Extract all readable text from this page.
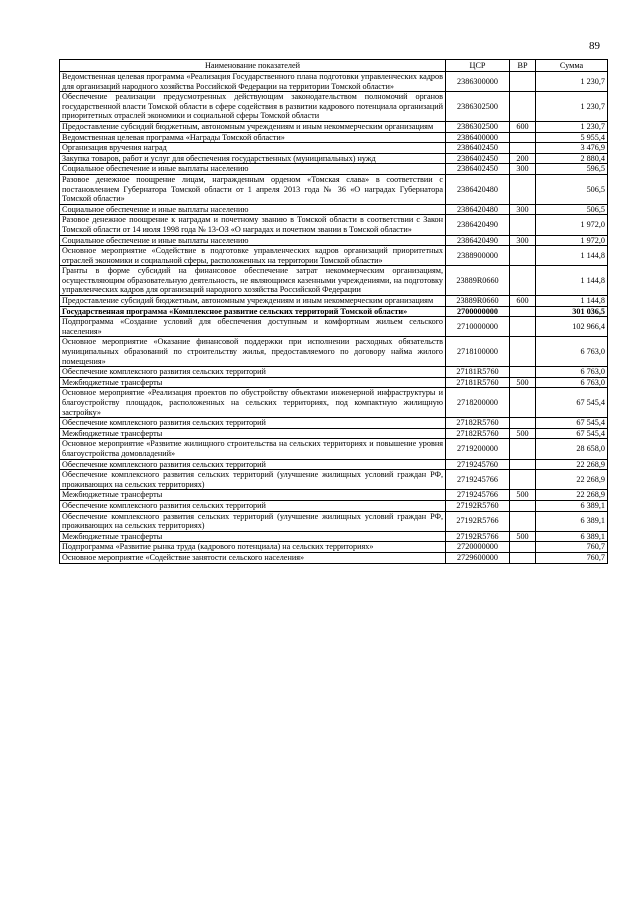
89
Наименование показателей	ЦСР	ВР	Сумма
Ведомственная целевая программа «Реализация Государственного плана подготовки управленческих кадров для организаций народного хозяйства Российской Федерации на территории Томской области»	2386300000		1 230,7
Обеспечение реализации предусмотренных действующим законодательством полномочий органов государственной власти Томской области в сфере содействия в развитии кадрового потенциала организаций приоритетных отраслей экономики и социальной сферы Томской области	2386302500		1 230,7
Предоставление субсидий бюджетным, автономным учреждениям и иным некоммерческим организациям	2386302500	600	1 230,7
Ведомственная целевая программа «Награды Томской области»	2386400000		5 955,4
Организация вручения наград	2386402450		3 476,9
Закупка товаров, работ и услуг для обеспечения государственных (муниципальных) нужд	2386402450	200	2 880,4
Социальное обеспечение и иные выплаты населению	2386402450	300	596,5
Разовое денежное поощрение лицам, награжденным орденом «Томская слава» в соответствии с постановлением Губернатора Томской области от 1 апреля 2013 года № 36 «О наградах Губернатора Томской области»	2386420480		506,5
Социальное обеспечение и иные выплаты населению	2386420480	300	506,5
Разовое денежное поощрение к наградам и почетному званию в Томской области в соответствии с Закон Томской области от 14 июля 1998 года № 13-ОЗ «О наградах и почетном звании в Томской области»	2386420490		1 972,0
Социальное обеспечение и иные выплаты населению	2386420490	300	1 972,0
Основное мероприятие «Содействие в подготовке управленческих кадров организаций приоритетных отраслей экономики и социальной сферы, расположенных на территории Томской области»	2388900000		1 144,8
Гранты в форме субсидий на финансовое обеспечение затрат некоммерческим организациям, осуществляющим образовательную деятельность, не являющимся казенными учреждениями, на подготовку управленческих кадров для организаций народного хозяйства Российской Федерации	23889R0660		1 144,8
Предоставление субсидий бюджетным, автономным учреждениям и иным некоммерческим организациям	23889R0660	600	1 144,8
Государственная программа «Комплексное развитие сельских территорий Томской области»	2700000000		301 036,5
Подпрограмма «Создание условий для обеспечения доступным и комфортным жильем сельского населения»	2710000000		102 966,4
Основное мероприятие «Оказание финансовой поддержки при исполнении расходных обязательств муниципальных образований по строительству жилья, предоставляемого по договору найма жилого помещения»	2718100000		6 763,0
Обеспечение комплексного развития сельских территорий	27181R5760		6 763,0
Межбюджетные трансферты	27181R5760	500	6 763,0
Основное мероприятие «Реализация проектов по обустройству объектами инженерной инфраструктуры и благоустройству площадок, расположенных на сельских территориях, под компактную жилищную застройку»	2718200000		67 545,4
Обеспечение комплексного развития сельских территорий	27182R5760		67 545,4
Межбюджетные трансферты	27182R5760	500	67 545,4
Основное мероприятие «Развитие жилищного строительства на сельских территориях и повышение уровня благоустройства домовладений»	2719200000		28 658,0
Обеспечение комплексного развития сельских территорий	2719245760		22 268,9
Обеспечение комплексного развития сельских территорий (улучшение жилищных условий граждан РФ, проживающих на сельских территориях)	2719245766		22 268,9
Межбюджетные трансферты	2719245766	500	22 268,9
Обеспечение комплексного развития сельских территорий	27192R5760		6 389,1
Обеспечение комплексного развития сельских территорий (улучшение жилищных условий граждан РФ, проживающих на сельских территориях)	27192R5766		6 389,1
Межбюджетные трансферты	27192R5766	500	6 389,1
Подпрограмма «Развитие рынка труда (кадрового потенциала) на сельских территориях»	2720000000		760,7
Основное мероприятие «Содействие занятости сельского населения»	2729600000		760,7
